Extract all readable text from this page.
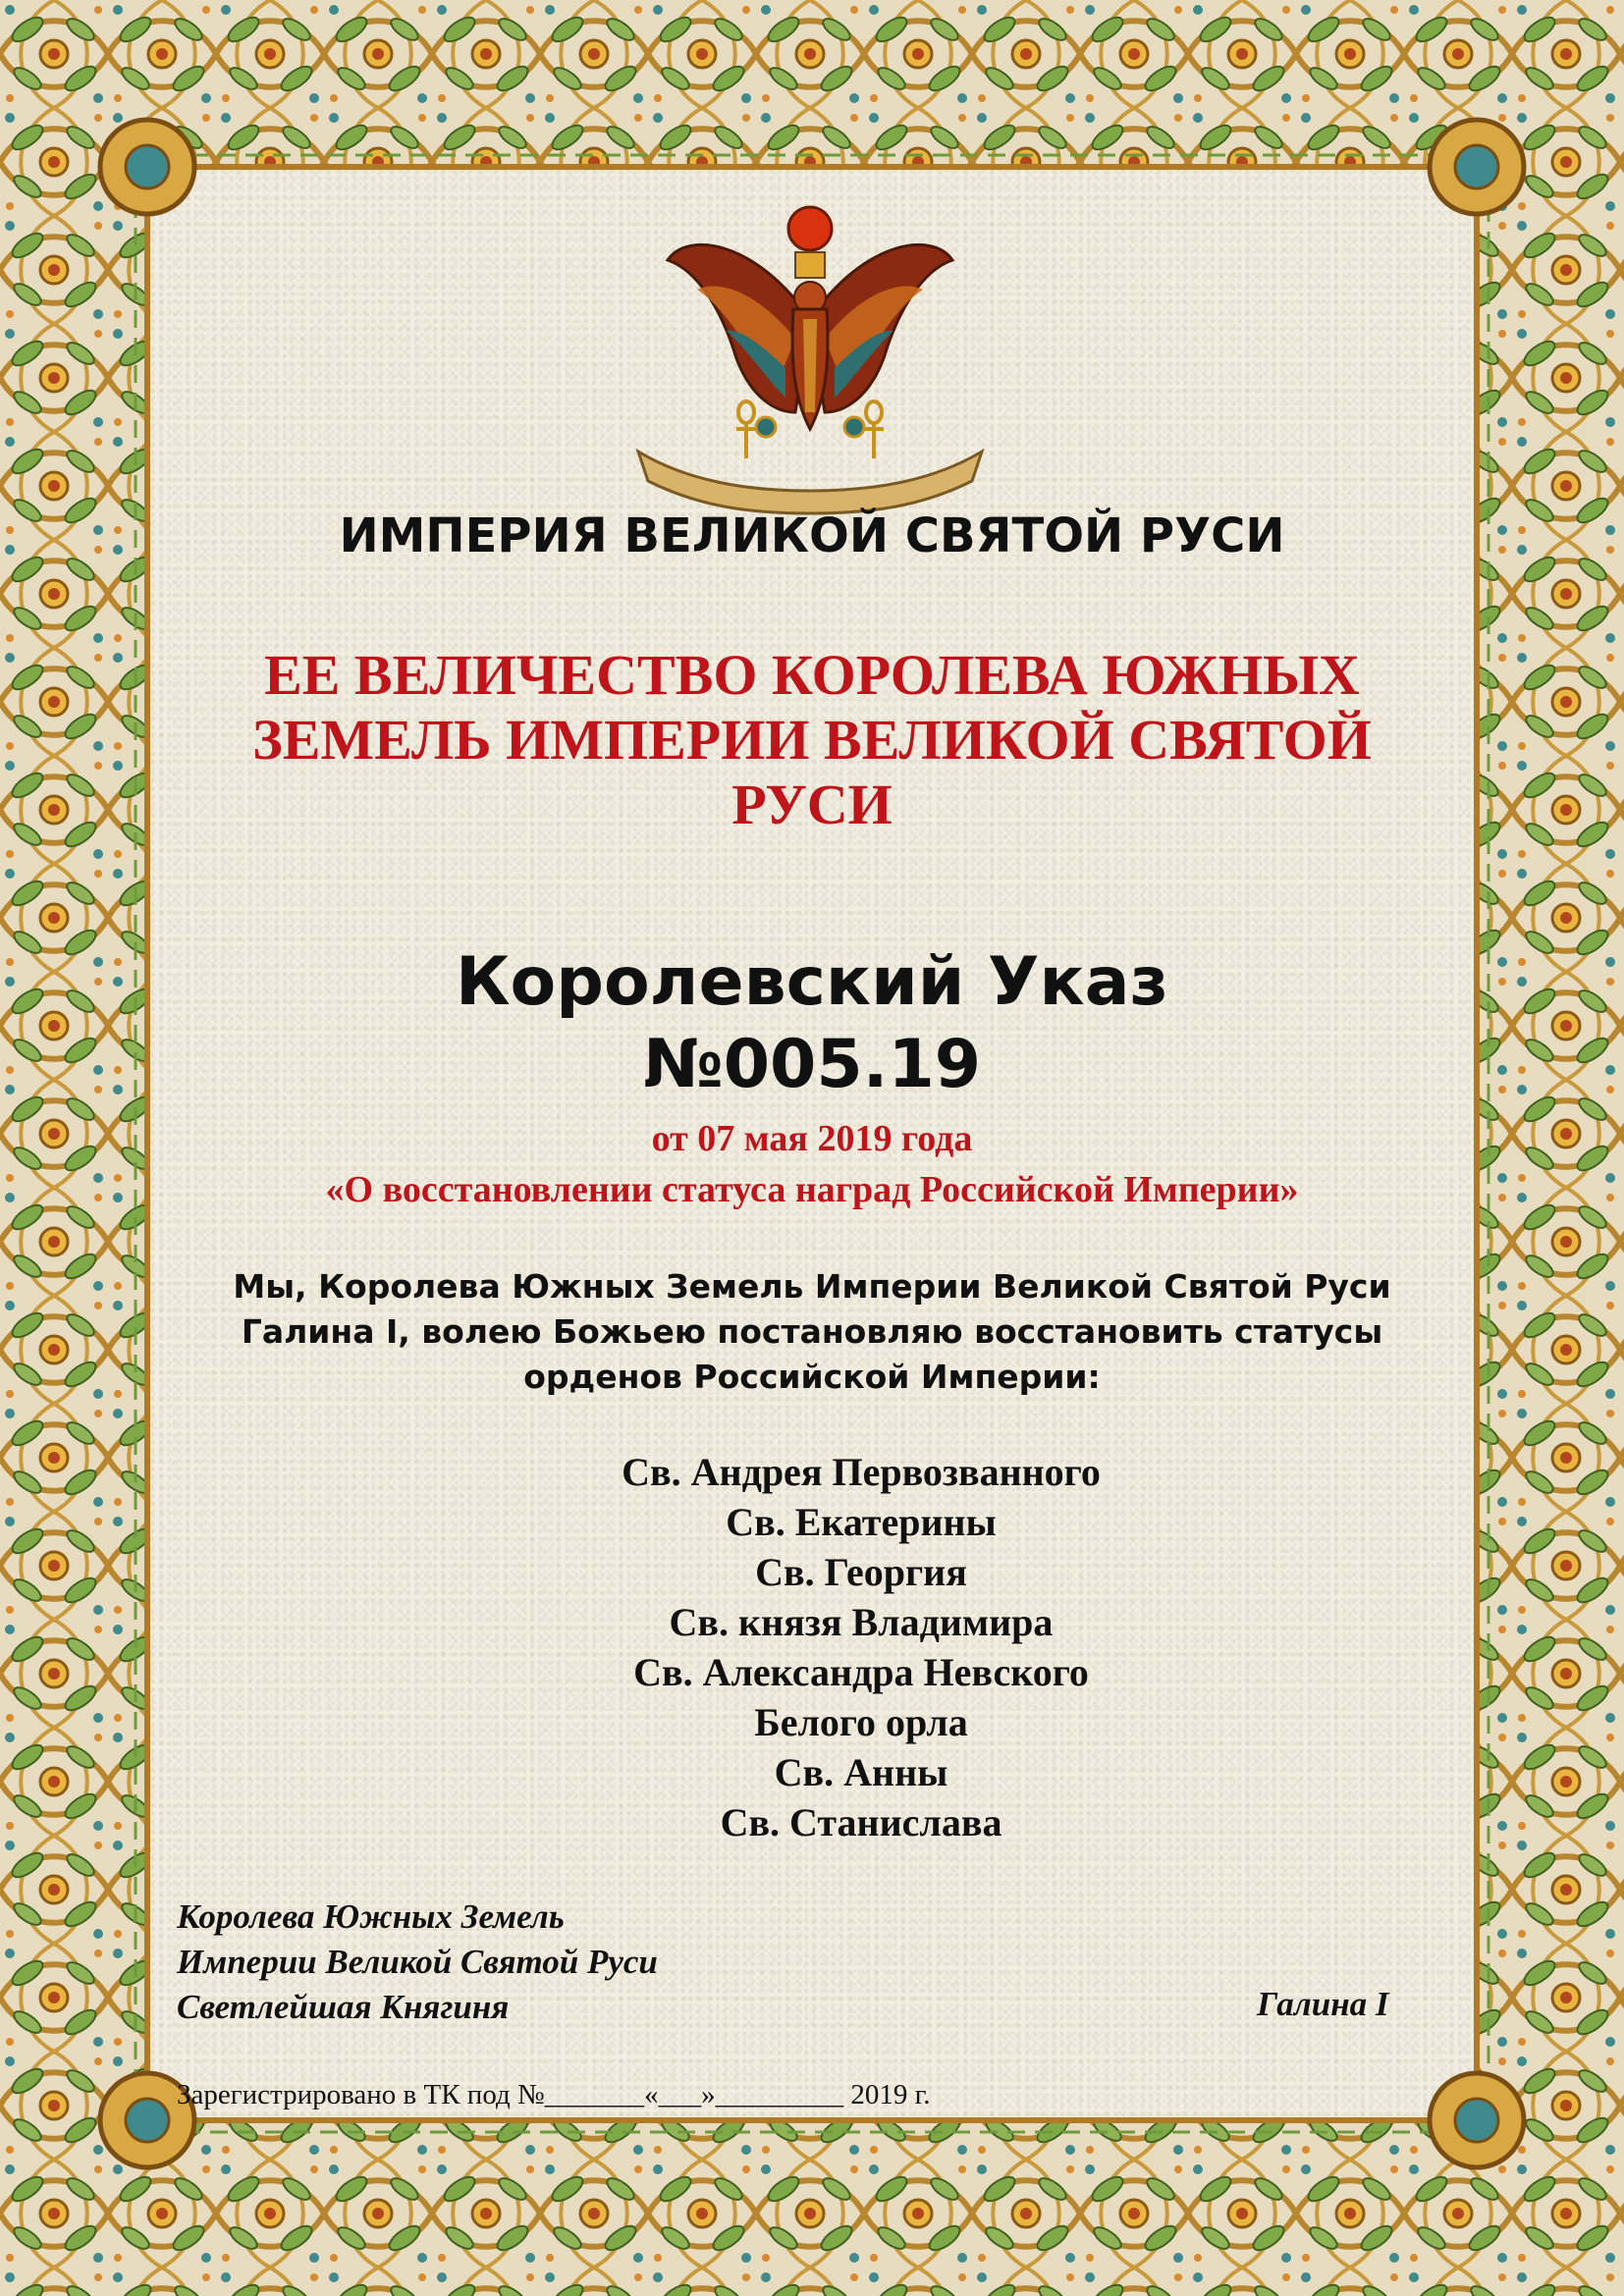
ИМПЕРИЯ ВЕЛИКОЙ СВЯТОЙ РУСИ
ЕЕ ВЕЛИЧЕСТВО КОРОЛЕВА ЮЖНЫХ ЗЕМЕЛЬ ИМПЕРИИ ВЕЛИКОЙ СВЯТОЙ РУСИ
Королевский Указ
№005.19
от 07 мая 2019 года
«О восстановлении статуса наград Российской Империи»

Мы, Королева Южных Земель Империи Великой Святой Руси Галина I, волею Божьею постановляю восстановить статусы орденов Российской Империи:

Св. Андрея Первозванного
Св. Екатерины
Св. Георгия
Св. князя Владимира
Св. Александра Невского
Белого орла
Св. Анны
Св. Станислава
Королева Южных Земель
Империи Великой Святой Руси
Светлейшая Княгиня	Галина I
Зарегистрировано в ТК под №_______«___»_________ 2019 г.
